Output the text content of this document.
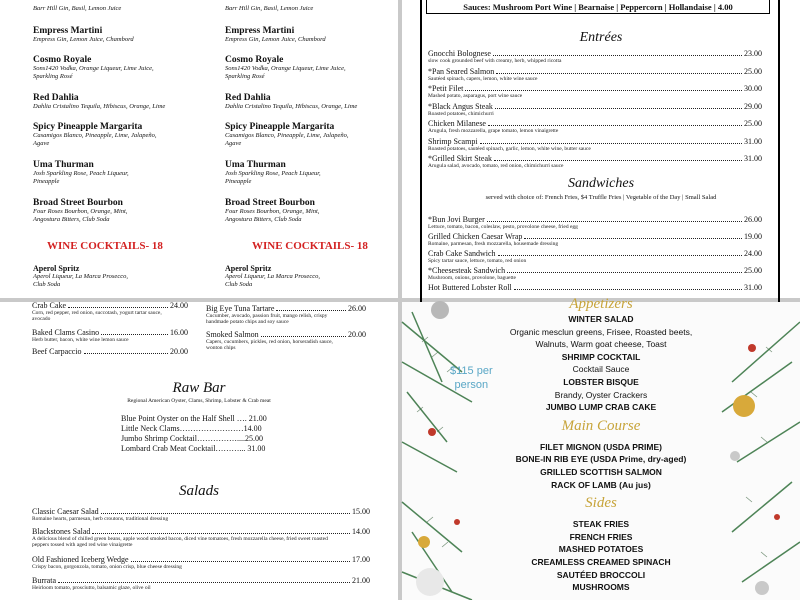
Barr Hill Gin, Basil, Lemon Juice
Empress Martini
Empress Gin, Lemon Juice, Chambord
Cosmo Royale
Sons1420 Vodka, Orange Liqueur, Lime Juice,
Sparkling Rosé
Red Dahlia
Dahlia Cristalino Tequila, Hibiscus, Orange, Lime
Spicy Pineapple Margarita
Casamigos Blanco, Pineapple, Lime, Jalapeño,
Agave
Uma Thurman
Josh Sparkling Rose, Peach Liqueur,
Pineapple
Broad Street Bourbon
Four Roses Bourbon, Orange, Mint,
Angostura Bitters, Club Soda
Aperol Spritz
Aperol Liqueur, La Marca Prosecco,
Club Soda
WINE COCKTAILS- 18
Barr Hill Gin, Basil, Lemon Juice
Empress Martini
Empress Gin, Lemon Juice, Chambord
Cosmo Royale
Sons1420 Vodka, Orange Liqueur, Lime Juice,
Sparkling Rosé
Red Dahlia
Dahlia Cristalino Tequila, Hibiscus, Orange, Lime
Spicy Pineapple Margarita
Casamigos Blanco, Pineapple, Lime, Jalapeño,
Agave
Uma Thurman
Josh Sparkling Rose, Peach Liqueur,
Pineapple
Broad Street Bourbon
Four Roses Bourbon, Orange, Mint,
Angostura Bitters, Club Soda
Aperol Spritz
Aperol Liqueur, La Marca Prosecco,
Club Soda
WINE COCKTAILS- 18
Sauces: Mushroom Port Wine | Bearnaise | Peppercorn | Hollandaise | 4.00
Entrées
Gnocchi Bolognese	23.00
slow cook grounded beef with creamy, herb, whipped ricotta
*Pan Seared Salmon	25.00
Sautéed spinach, capers, lemon, white wine sauce
*Petit Filet	30.00
Mashed potato, asparagus, port wine sauce
*Black Angus Steak	29.00
Roasted potatoes, chimichurri
Chicken Milanese	25.00
Arugula, fresh mozzarella, grape tomato, lemon vinaigrette
Shrimp Scampi	31.00
Roasted potatoes, sautéed spinach, garlic, lemon, white wine, butter sauce
*Grilled Skirt Steak	31.00
Arugula salad, avocado, tomato, red onion, chimichurri sauce
Sandwiches
served with choice of: French Fries, $4 Truffle Fries | Vegetable of the Day | Small Salad
*Bun Jovi Burger	26.00
Lettuce, tomato, bacon, coleslaw, pesto, provolone cheese, fried egg
Grilled Chicken Caesar Wrap	19.00
Romaine, parmesan, fresh mozzarella, housemade dressing
Crab Cake Sandwich	24.00
Spicy tartar sauce, lettuce, tomato, red onion
*Cheesesteak Sandwich	25.00
Mushroom, onions, provolone, baguette
Hot Buttered Lobster Roll	31.00
Crab Cake	24.00
Corn, red pepper, red onion, succotash, yogurt tartar sauce,
avocado
Baked Clams Casino	16.00
Herb butter, bacon, white wine lemon sauce
Beef Carpaccio	20.00
Big Eye Tuna Tartare	26.00
Cucumber, avocado, passion fruit, mango relish, crispy
handmade potato chips and soy sauce
Smoked Salmon	20.00
Capers, cucumbers, pickles, red onion, horseradish sauce,
wonton chips
Raw Bar
Regional American Oyster, Clams, Shrimp, Lobster & Crab meat
Blue Point Oyster on the Half Shell …. 21.00
Little Neck Clams……………………14.00
Jumbo Shrimp Cocktail……………....25.00
Lombard Crab Meat Cocktail………... 31.00
Salads
Classic Caesar Salad	15.00
Romaine hearts, parmesan, herb croutons, traditional dressing
Blackstones Salad	14.00
A delicious blend of chilled green beans, apple wood smoked bacon, diced vine tomatoes, fresh mozzarella cheese, fried sweet roasted
peppers tossed with aged red wine vinaigrette
Old Fashioned Iceberg Wedge	17.00
Crispy bacon, gorgonzola, tomato, onion crisp, blue cheese dressing
Burrata	21.00
Heirloom tomato, prosciutto, balsamic glaze, olive oil
$115 per
person
Appetizers
WINTER SALAD
Organic mesclun greens, Frisee, Roasted beets,
Walnuts, Warm goat cheese, Toast
SHRIMP COCKTAIL
Cocktail Sauce
LOBSTER BISQUE
Brandy, Oyster Crackers
JUMBO LUMP CRAB CAKE
Main Course
FILET MIGNON (USDA PRIME)
BONE-IN RIB EYE (USDA Prime, dry-aged)
GRILLED SCOTTISH SALMON
RACK OF LAMB (Au jus)
Sides
STEAK FRIES
FRENCH FRIES
MASHED POTATOES
CREAMLESS CREAMED SPINACH
SAUTÉED BROCCOLI
MUSHROOMS
